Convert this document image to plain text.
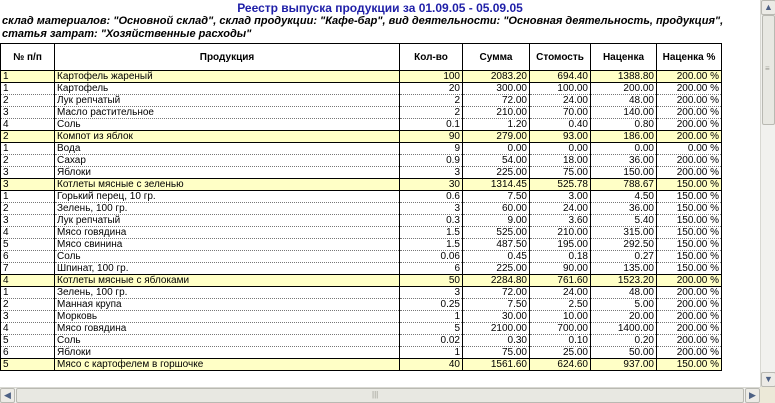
Реестр выпуска продукции за 01.09.05 - 05.09.05
склад материалов: "Основной склад", склад продукции: "Кафе-бар", вид деятельности: "Основная деятельность, продукция", статья затрат: "Хозяйственные расходы"
№ п/п	Продукция	Кол-во	Сумма	Стомость	Наценка	Наценка %
1	Картофель жареный	100	2083.20	694.40	1388.80	200.00 %
1	Картофель	20	300.00	100.00	200.00	200.00 %
2	Лук репчатый	2	72.00	24.00	48.00	200.00 %
3	Масло растительное	2	210.00	70.00	140.00	200.00 %
4	Соль	0.1	1.20	0.40	0.80	200.00 %
2	Компот из яблок	90	279.00	93.00	186.00	200.00 %
1	Вода	9	0.00	0.00	0.00	0.00 %
2	Сахар	0.9	54.00	18.00	36.00	200.00 %
3	Яблоки	3	225.00	75.00	150.00	200.00 %
3	Котлеты мясные с зеленью	30	1314.45	525.78	788.67	150.00 %
1	Горький перец, 10 гр.	0.6	7.50	3.00	4.50	150.00 %
2	Зелень, 100 гр.	3	60.00	24.00	36.00	150.00 %
3	Лук репчатый	0.3	9.00	3.60	5.40	150.00 %
4	Мясо говядина	1.5	525.00	210.00	315.00	150.00 %
5	Мясо свинина	1.5	487.50	195.00	292.50	150.00 %
6	Соль	0.06	0.45	0.18	0.27	150.00 %
7	Шпинат, 100 гр.	6	225.00	90.00	135.00	150.00 %
4	Котлеты мясные с яблоками	50	2284.80	761.60	1523.20	200.00 %
1	Зелень, 100 гр.	3	72.00	24.00	48.00	200.00 %
2	Манная крупа	0.25	7.50	2.50	5.00	200.00 %
3	Морковь	1	30.00	10.00	20.00	200.00 %
4	Мясо говядина	5	2100.00	700.00	1400.00	200.00 %
5	Соль	0.02	0.30	0.10	0.20	200.00 %
6	Яблоки	1	75.00	25.00	50.00	200.00 %
5	Мясо с картофелем в горшочке	40	1561.60	624.60	937.00	150.00 %
▲
≡
▼
◀	|||	▶
